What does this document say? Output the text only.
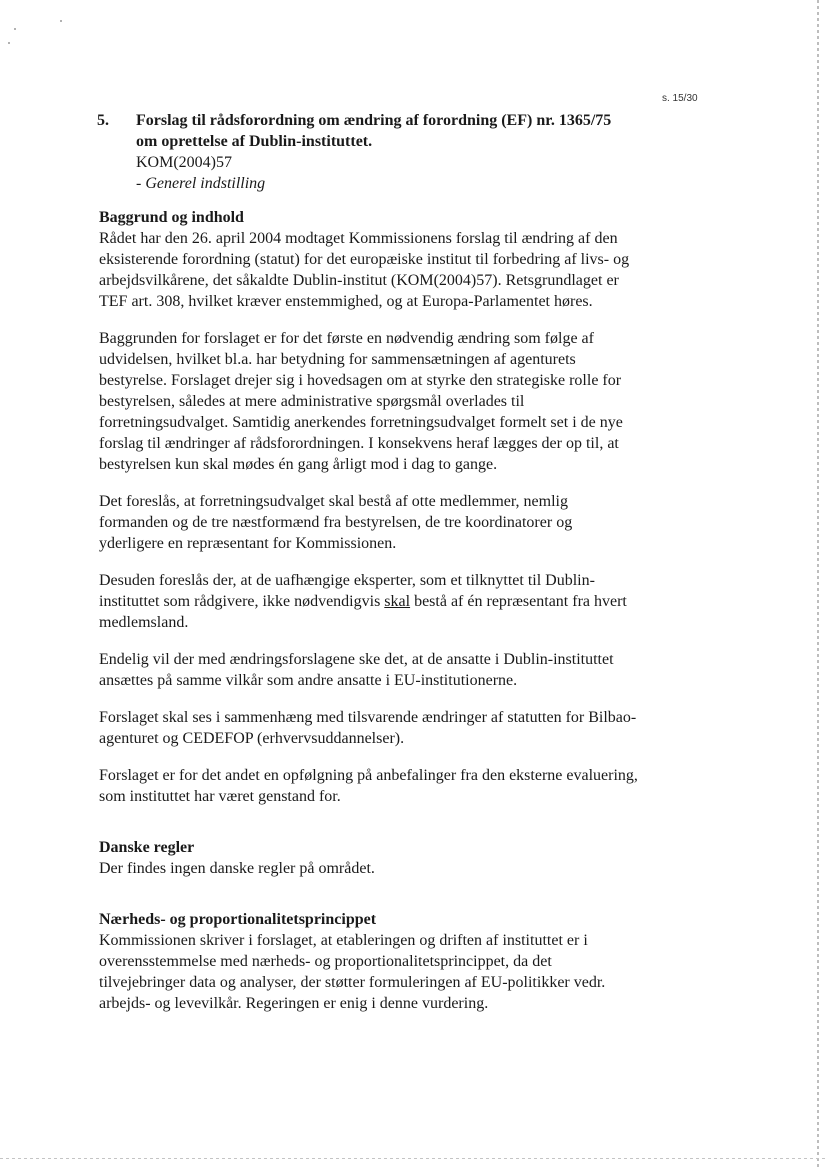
s. 15/30
5. Forslag til rådsforordning om ændring af forordning (EF) nr. 1365/75 om oprettelse af Dublin-instituttet.
KOM(2004)57
- Generel indstilling
Baggrund og indhold

Rådet har den 26. april 2004 modtaget Kommissionens forslag til ændring af den eksisterende forordning (statut) for det europæiske institut til forbedring af livs- og arbejdsvilkårene, det såkaldte Dublin-institut (KOM(2004)57). Retsgrundlaget er TEF art. 308, hvilket kræver enstemmighed, og at Europa-Parlamentet høres.

Baggrunden for forslaget er for det første en nødvendig ændring som følge af udvidelsen, hvilket bl.a. har betydning for sammensætningen af agenturets bestyrelse. Forslaget drejer sig i hovedsagen om at styrke den strategiske rolle for bestyrelsen, således at mere administrative spørgsmål overlades til forretningsudvalget. Samtidig anerkendes forretningsudvalget formelt set i de nye forslag til ændringer af rådsforordningen. I konsekvens heraf lægges der op til, at bestyrelsen kun skal mødes én gang årligt mod i dag to gange.

Det foreslås, at forretningsudvalget skal bestå af otte medlemmer, nemlig formanden og de tre næstformænd fra bestyrelsen, de tre koordinatorer og yderligere en repræsentant for Kommissionen.

Desuden foreslås der, at de uafhængige eksperter, som et tilknyttet til Dublin-instituttet som rådgivere, ikke nødvendigvis skal bestå af én repræsentant fra hvert medlemsland.

Endelig vil der med ændringsforslagene ske det, at de ansatte i Dublin-instituttet ansættes på samme vilkår som andre ansatte i EU-institutionerne.

Forslaget skal ses i sammenhæng med tilsvarende ændringer af statutten for Bilbao-agenturet og CEDEFOP (erhvervsuddannelser).

Forslaget er for det andet en opfølgning på anbefalinger fra den eksterne evaluering, som instituttet har været genstand for.

Danske regler

Der findes ingen danske regler på området.

Nærheds- og proportionalitetsprincippet

Kommissionen skriver i forslaget, at etableringen og driften af instituttet er i overensstemmelse med nærheds- og proportionalitetsprincippet, da det tilvejebringer data og analyser, der støtter formuleringen af EU-politikker vedr. arbejds- og levevilkår. Regeringen er enig i denne vurdering.
